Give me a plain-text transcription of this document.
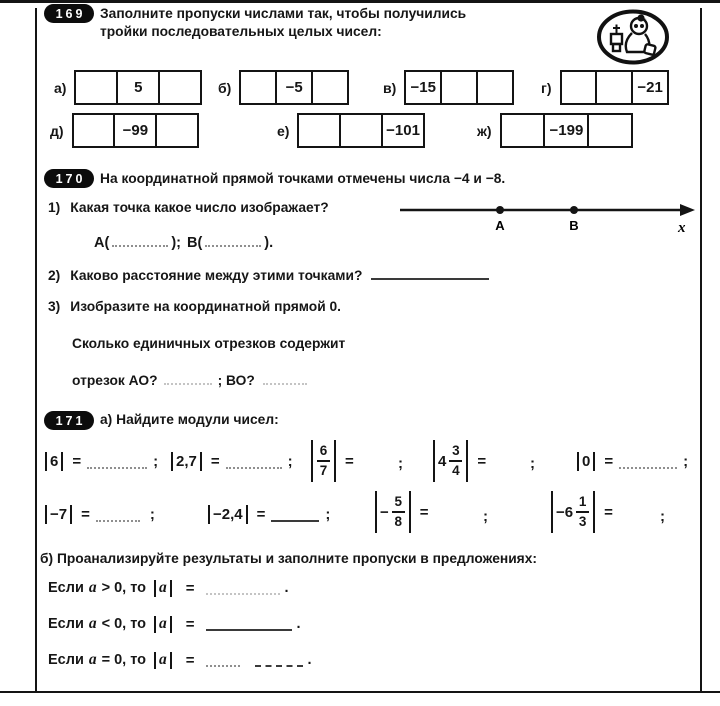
169	Заполните пропуски числами так, чтобы получились
тройки последовательных целых чисел:
а)	5	б)	−5	в) −15	г)	−21
д)	−99	е)	−101	ж)	−199
170	На координатной прямой точками отмечены числа −4 и −8.
1) Какая точка какое число изображает?
А	В	x
А(	); В(	).
2) Каково расстояние между этими точками?
3) Изобразите на координатной прямой 0.
Сколько единичных отрезков содержит
отрезок АО?	; ВО?
171	а) Найдите модули чисел:
6 =	; 2,7 =	; $\frac{6}{7}$ =	; $4 \frac{3}{4}$ =	;	0 =	;
−7 =	;	−2,4 =	;	− $\frac{5}{8}$ =	;	$-6 \frac{1}{3}$ =	;
б) Проанализируйте результаты и заполните пропуски в предложениях:
Если a > 0, то a =	.
Если a < 0, то a =	.
Если a = 0, то a =	.
